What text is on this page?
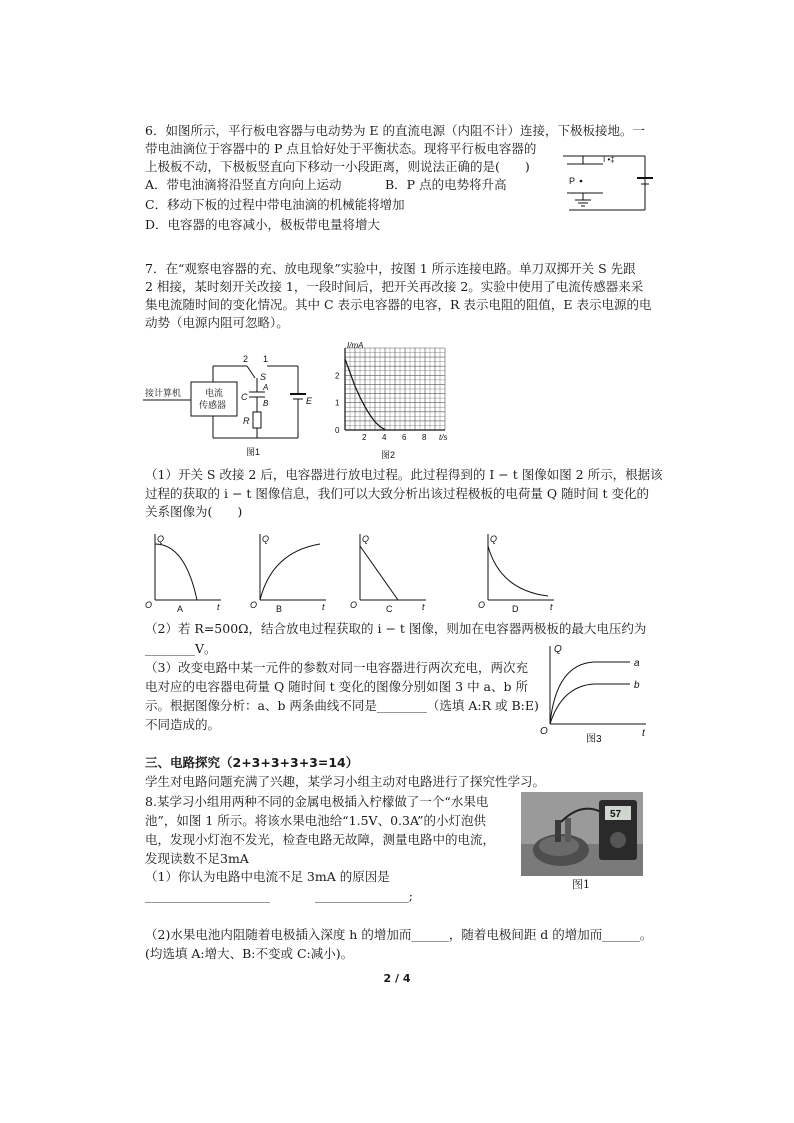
6．如图所示，平行板电容器与电动势为 E 的直流电源（内阻不计）连接，下极板接地。一
带电油滴位于容器中的 P 点且恰好处于平衡状态。现将平行板电容器的
上极板不动，下极板竖直向下移动一小段距离，则说法正确的是(　　)
A．带电油滴将沿竖直方向向上运动	B．P 点的电势将升高
C．移动下板的过程中带电油滴的机械能将增加
D．电容器的电容减小，极板带电量将增大
I •‡
P
7．在“观察电容器的充、放电现象”实验中，按图 1 所示连接电路。单刀双掷开关 S 先跟
2 相接，某时刻开关改接 1，一段时间后，把开关再改接 2。实验中使用了电流传感器来采
集电流随时间的变化情况。其中 C 表示电容器的电容，R 表示电阻的阻值，E 表示电源的电
动势（电源内阻可忽略）。
接计算机	电流
传感器
2 1
S
C
A
B
R
E
图1
2 4 6 8
2
1
0
I/mA
t/s
图2
（1）开关 S 改接 2 后，电容器进行放电过程。此过程得到的 I − t 图像如图 2 所示，根据该
过程的获取的 i − t 图像信息，我们可以大致分析出该过程极板的电荷量 Q 随时间 t 变化的
关系图像为(　　)
Q
O	t
A
Q
O	t
B
Q
O	t
C
Q
O	t
D
（2）若 R=500Ω，结合放电过程获取的 i − t 图像，则加在电容器两极板的最大电压约为
________V。
（3）改变电路中某一元件的参数对同一电容器进行两次充电，两次充
电对应的电容器电荷量 Q 随时间 t 变化的图像分别如图 3 中 a、b 所
示。根据图像分析：a、b 两条曲线不同是________（选填 A:R 或 B:E)
不同造成的。
Q
O	t
a
b
图3
三、电路探究（2+3+3+3+3=14）
学生对电路问题充满了兴趣，某学习小组主动对电路进行了探究性学习。
8.某学习小组用两种不同的金属电极插入柠檬做了一个“水果电
池”，如图 1 所示。将该水果电池给“1.5V、0.3A”的小灯泡供
电，发现小灯泡不发光，检查电路无故障，测量电路中的电流，
发现读数不足3mA
（1）你认为电路中电流不足 3mA 的原因是
____________________	_______________;
（2)水果电池内阻随着电极插入深度 h 的增加而______，随着电极间距 d 的增加而______。
(均选填 A:增大、B:不变或 C:减小)。
57
图1
2 / 4
